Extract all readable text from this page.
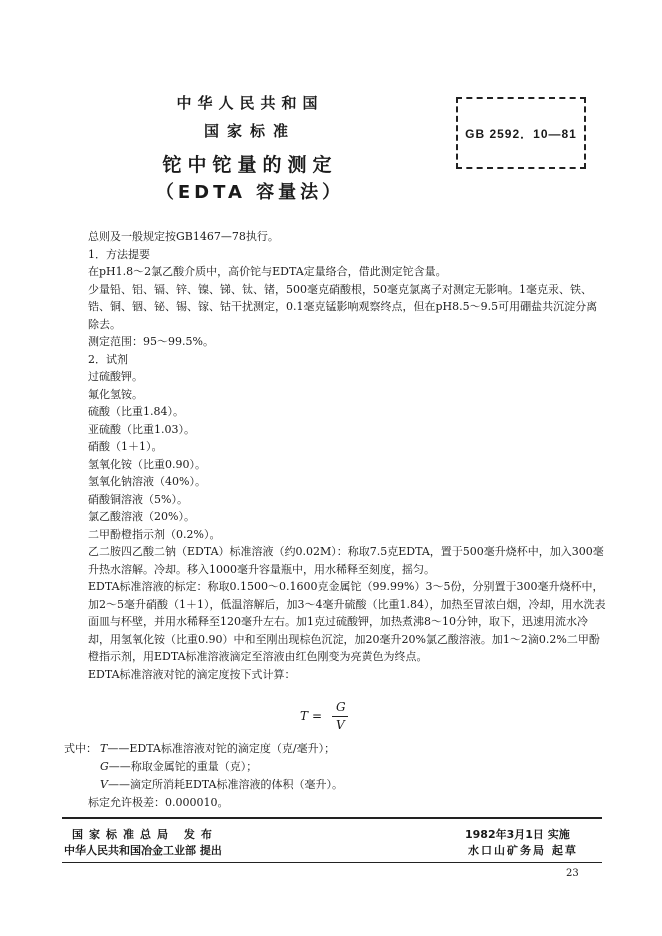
中华人民共和国
国家标准
铊中铊量的测定
（EDTA 容量法）
GB 2592．10—81

总则及一般规定按GB1467—78执行。

1．方法提要

在pH1.8～2氯乙酸介质中，高价铊与EDTA定量络合，借此测定铊含量。

少量铅、铝、镉、锌、镍、锑、钛、锗，500毫克硝酸根，50毫克氯离子对测定无影响。1毫克汞、铁、锆、铜、铟、铋、锡、镓、钴干扰测定，0.1毫克锰影响观察终点，但在pH8.5～9.5可用硼盐共沉淀分离除去。

测定范围：95～99.5%。

2．试剂

过硫酸钾。

氟化氢铵。

硫酸（比重1.84）。

亚硫酸（比重1.03）。

硝酸（1＋1）。

氢氧化铵（比重0.90）。

氢氧化钠溶液（40%）。

硝酸铜溶液（5%）。

氯乙酸溶液（20%）。

二甲酚橙指示剂（0.2%）。

乙二胺四乙酸二钠（EDTA）标准溶液（约0.02M）：称取7.5克EDTA，置于500毫升烧杯中，加入300毫升热水溶解。冷却。移入1000毫升容量瓶中，用水稀释至刻度，摇匀。

EDTA标准溶液的标定：称取0.1500～0.1600克金属铊（99.99%）3～5份，分别置于300毫升烧杯中，加2～5毫升硝酸（1＋1），低温溶解后，加3～4毫升硫酸（比重1.84），加热至冒浓白烟，冷却，用水洗表面皿与杯壁，并用水稀释至120毫升左右。加1克过硫酸钾，加热煮沸8～10分钟，取下，迅速用流水冷却，用氢氧化铵（比重0.90）中和至刚出现棕色沉淀，加20毫升20%氯乙酸溶液。加1～2滴0.2%二甲酚橙指示剂，用EDTA标准溶液滴定至溶液由红色刚变为亮黄色为终点。

EDTA标准溶液对铊的滴定度按下式计算：

T =
G
V
式中： T——EDTA标准溶液对铊的滴定度（克/毫升）；
G——称取金属铊的重量（克）；
V——滴定所消耗EDTA标准溶液的体积（毫升）。
标定允许极差：0.000010。
国家标准总局 发布
中华人民共和国冶金工业部 提出
1982年3月1日 实施
水口山矿务局 起草
23
